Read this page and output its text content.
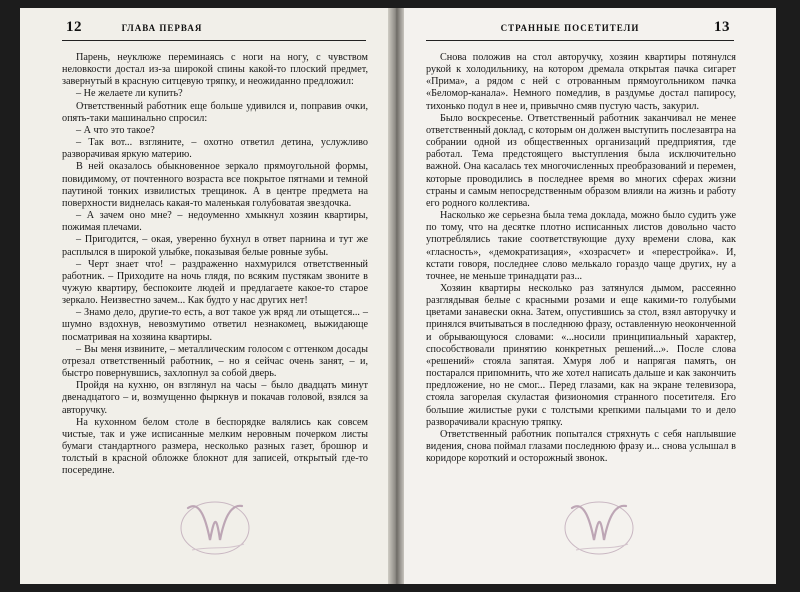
12	ГЛАВА ПЕРВАЯ

Парень, неуклюже переминаясь с ноги на ногу, с чувством неловкости достал из-за широкой спины какой-то плоский предмет, завернутый в красную ситцевую тряпку, и неожиданно предложил:

– Не желаете ли купить?

Ответственный работник еще больше удивился и, поправив очки, опять-таки машинально спросил:

– А что это такое?

– Так вот... взгляните, – охотно ответил детина, услужливо разворачивая яркую материю.

В ней оказалось обыкновенное зеркало прямоугольной формы, повидимому, от почтенного возраста все покрытое пятнами и темной паутиной тонких извилистых трещинок. А в центре предмета на поверхности виднелась какая-то маленькая голубоватая звездочка.

– А зачем оно мне? – недоуменно хмыкнул хозяин квартиры, пожимая плечами.

– Пригодится, – окая, уверенно бухнул в ответ парнина и тут же расплылся в широкой улыбке, показывая белые ровные зубы.

– Черт знает что! – раздраженно нахмурился ответственный работник. – Приходите на ночь глядя, по всяким пустякам звоните в чужую квартиру, беспокоите людей и предлагаете какое-то старое зеркало. Неизвестно зачем... Как будто у нас других нет!

– Знамо дело, другие-то есть, а вот такое уж вряд ли отыщется... – шумно вздохнув, невозмутимо ответил незнакомец, выжидающе посматривая на хозяина квартиры.

– Вы меня извините, – металлическим голосом с оттенком досады отрезал ответственный работник, – но я сейчас очень занят, – и, быстро повернувшись, захлопнул за собой дверь.

Пройдя на кухню, он взглянул на часы – было двадцать минут двенадцатого – и, возмущенно фыркнув и покачав головой, взялся за авторучку.

На кухонном белом столе в беспорядке валялись как совсем чистые, так и уже исписанные мелким неровным почерком листы бумаги стандартного размера, несколько разных газет, брошюр и толстый в красной обложке блокнот для записей, открытый где-то посередине.

СТРАННЫЕ ПОСЕТИТЕЛИ	13

Снова положив на стол авторучку, хозяин квартиры потянулся рукой к холодильнику, на котором дремала открытая пачка сигарет «Прима», а рядом с ней с отрованным прямоугольником пачка «Беломор-канала». Немного помедлив, в раздумье достал папиросу, тихонько подул в нее и, привычно смяв пустую часть, закурил.

Было воскресенье. Ответственный работник заканчивал не менее ответственный доклад, с которым он должен выступить послезавтра на собрании одной из общественных организаций предприятия, где работал. Тема предстоящего выступления была исключительно важной. Она касалась тех многочисленных преобразований и перемен, которые проводились в последнее время во многих сферах жизни страны и самым непосредственным образом влияли на жизнь и работу его родного коллектива.

Насколько же серьезна была тема доклада, можно было судить уже по тому, что на десятке плотно исписанных листов довольно часто употреблялись такие соответствующие духу времени слова, как «гласность», «демократизация», «хозрасчет» и «перестройка». И, кстати говоря, последнее слово мелькало гораздо чаще других, ну а точнее, не меньше тринадцати раз...

Хозяин квартиры несколько раз затянулся дымом, рассеянно разглядывая белые с красными розами и еще какими-то голубыми цветами занавески окна. Затем, опустившись за стол, взял авторучку и принялся вчитываться в последнюю фразу, оставленную неоконченной и обрывающуюся словами: «...носили принципиальный характер, способствовали принятию конкретных решений...». После слова «решений» стояла запятая. Хмуря лоб и напрягая память, он постарался припомнить, что же хотел написать дальше и как закончить предложение, но не смог... Перед глазами, как на экране телевизора, стояла загорелая скуластая физиономия странного посетителя. Его большие жилистые руки с толстыми крепкими пальцами то и дело разворачивали красную тряпку.

Ответственный работник попытался стряхнуть с себя наплывшие видения, снова поймал глазами последнюю фразу и... снова услышал в коридоре короткий и осторожный звонок.
